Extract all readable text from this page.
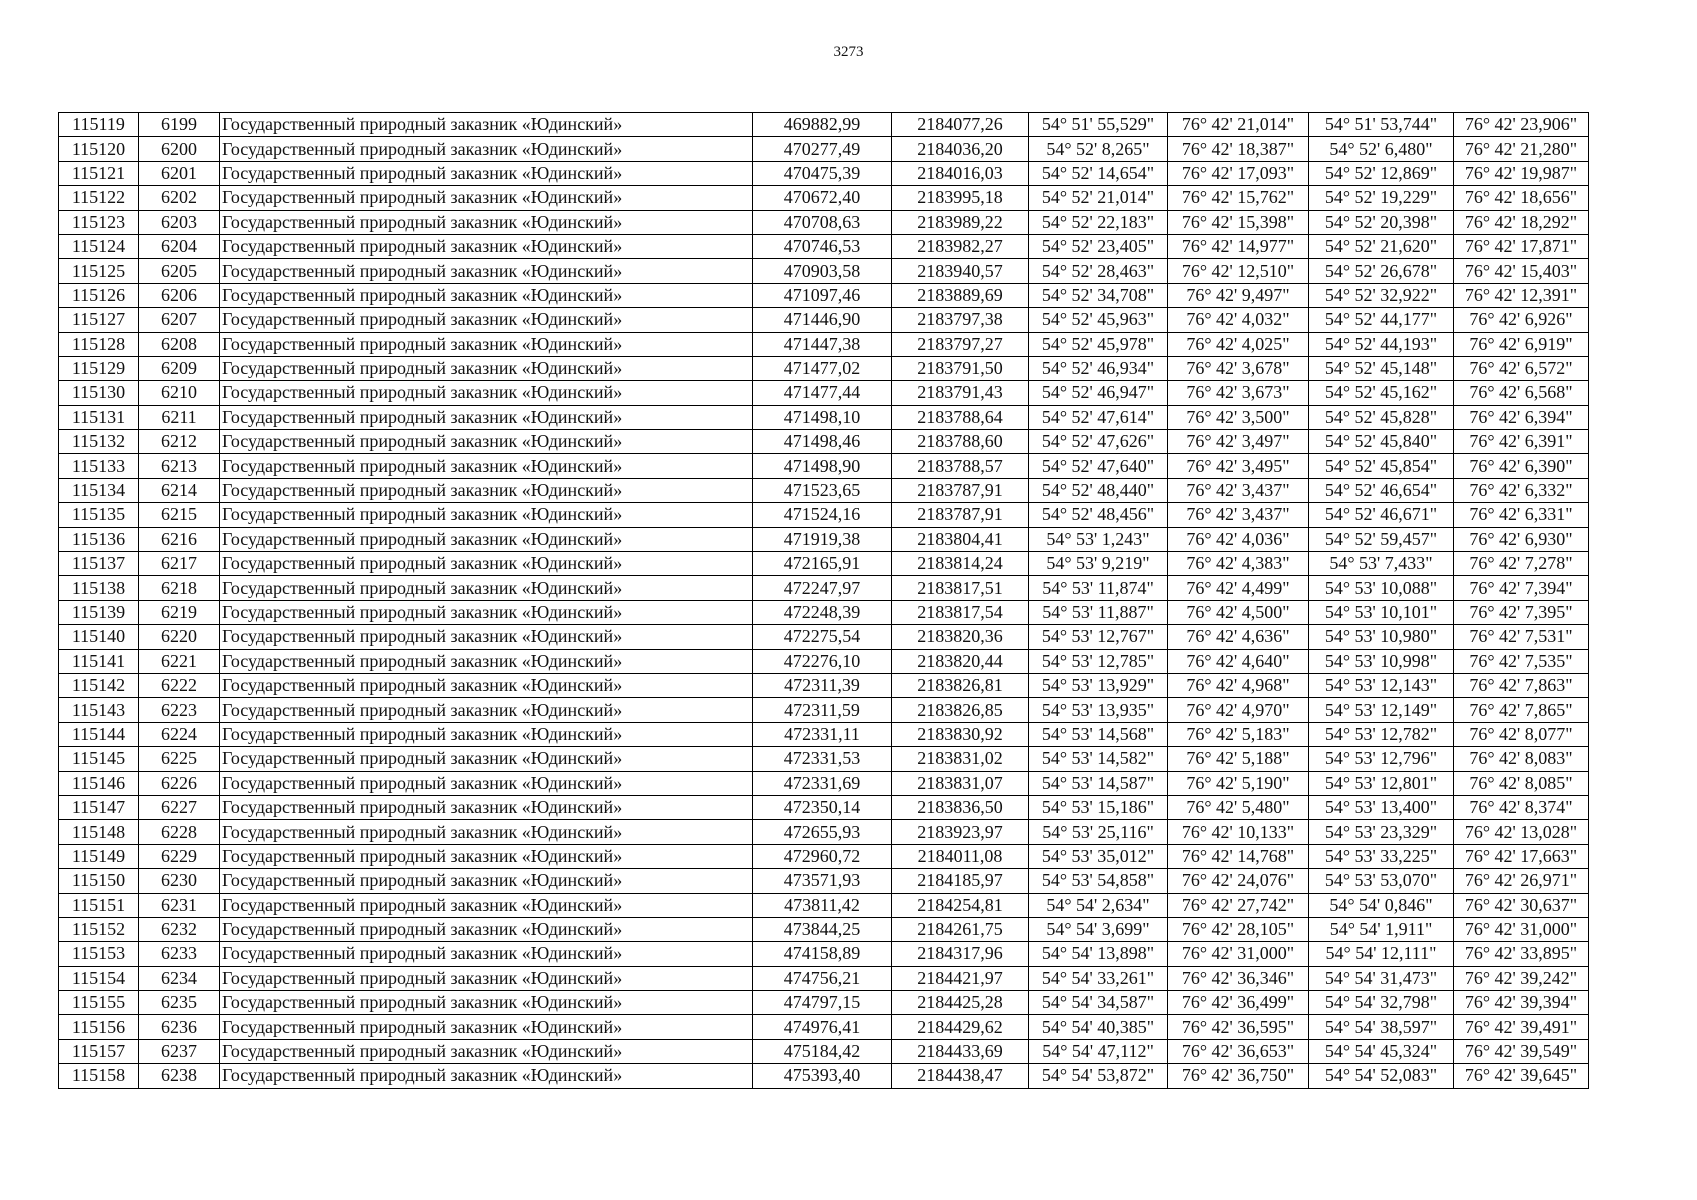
3273
115119	6199	Государственный природный заказник «Юдинский»	469882,99	2184077,26	54° 51' 55,529"	76° 42' 21,014"	54° 51' 53,744"	76° 42' 23,906"
115120	6200	Государственный природный заказник «Юдинский»	470277,49	2184036,20	54° 52' 8,265"	76° 42' 18,387"	54° 52' 6,480"	76° 42' 21,280"
115121	6201	Государственный природный заказник «Юдинский»	470475,39	2184016,03	54° 52' 14,654"	76° 42' 17,093"	54° 52' 12,869"	76° 42' 19,987"
115122	6202	Государственный природный заказник «Юдинский»	470672,40	2183995,18	54° 52' 21,014"	76° 42' 15,762"	54° 52' 19,229"	76° 42' 18,656"
115123	6203	Государственный природный заказник «Юдинский»	470708,63	2183989,22	54° 52' 22,183"	76° 42' 15,398"	54° 52' 20,398"	76° 42' 18,292"
115124	6204	Государственный природный заказник «Юдинский»	470746,53	2183982,27	54° 52' 23,405"	76° 42' 14,977"	54° 52' 21,620"	76° 42' 17,871"
115125	6205	Государственный природный заказник «Юдинский»	470903,58	2183940,57	54° 52' 28,463"	76° 42' 12,510"	54° 52' 26,678"	76° 42' 15,403"
115126	6206	Государственный природный заказник «Юдинский»	471097,46	2183889,69	54° 52' 34,708"	76° 42' 9,497"	54° 52' 32,922"	76° 42' 12,391"
115127	6207	Государственный природный заказник «Юдинский»	471446,90	2183797,38	54° 52' 45,963"	76° 42' 4,032"	54° 52' 44,177"	76° 42' 6,926"
115128	6208	Государственный природный заказник «Юдинский»	471447,38	2183797,27	54° 52' 45,978"	76° 42' 4,025"	54° 52' 44,193"	76° 42' 6,919"
115129	6209	Государственный природный заказник «Юдинский»	471477,02	2183791,50	54° 52' 46,934"	76° 42' 3,678"	54° 52' 45,148"	76° 42' 6,572"
115130	6210	Государственный природный заказник «Юдинский»	471477,44	2183791,43	54° 52' 46,947"	76° 42' 3,673"	54° 52' 45,162"	76° 42' 6,568"
115131	6211	Государственный природный заказник «Юдинский»	471498,10	2183788,64	54° 52' 47,614"	76° 42' 3,500"	54° 52' 45,828"	76° 42' 6,394"
115132	6212	Государственный природный заказник «Юдинский»	471498,46	2183788,60	54° 52' 47,626"	76° 42' 3,497"	54° 52' 45,840"	76° 42' 6,391"
115133	6213	Государственный природный заказник «Юдинский»	471498,90	2183788,57	54° 52' 47,640"	76° 42' 3,495"	54° 52' 45,854"	76° 42' 6,390"
115134	6214	Государственный природный заказник «Юдинский»	471523,65	2183787,91	54° 52' 48,440"	76° 42' 3,437"	54° 52' 46,654"	76° 42' 6,332"
115135	6215	Государственный природный заказник «Юдинский»	471524,16	2183787,91	54° 52' 48,456"	76° 42' 3,437"	54° 52' 46,671"	76° 42' 6,331"
115136	6216	Государственный природный заказник «Юдинский»	471919,38	2183804,41	54° 53' 1,243"	76° 42' 4,036"	54° 52' 59,457"	76° 42' 6,930"
115137	6217	Государственный природный заказник «Юдинский»	472165,91	2183814,24	54° 53' 9,219"	76° 42' 4,383"	54° 53' 7,433"	76° 42' 7,278"
115138	6218	Государственный природный заказник «Юдинский»	472247,97	2183817,51	54° 53' 11,874"	76° 42' 4,499"	54° 53' 10,088"	76° 42' 7,394"
115139	6219	Государственный природный заказник «Юдинский»	472248,39	2183817,54	54° 53' 11,887"	76° 42' 4,500"	54° 53' 10,101"	76° 42' 7,395"
115140	6220	Государственный природный заказник «Юдинский»	472275,54	2183820,36	54° 53' 12,767"	76° 42' 4,636"	54° 53' 10,980"	76° 42' 7,531"
115141	6221	Государственный природный заказник «Юдинский»	472276,10	2183820,44	54° 53' 12,785"	76° 42' 4,640"	54° 53' 10,998"	76° 42' 7,535"
115142	6222	Государственный природный заказник «Юдинский»	472311,39	2183826,81	54° 53' 13,929"	76° 42' 4,968"	54° 53' 12,143"	76° 42' 7,863"
115143	6223	Государственный природный заказник «Юдинский»	472311,59	2183826,85	54° 53' 13,935"	76° 42' 4,970"	54° 53' 12,149"	76° 42' 7,865"
115144	6224	Государственный природный заказник «Юдинский»	472331,11	2183830,92	54° 53' 14,568"	76° 42' 5,183"	54° 53' 12,782"	76° 42' 8,077"
115145	6225	Государственный природный заказник «Юдинский»	472331,53	2183831,02	54° 53' 14,582"	76° 42' 5,188"	54° 53' 12,796"	76° 42' 8,083"
115146	6226	Государственный природный заказник «Юдинский»	472331,69	2183831,07	54° 53' 14,587"	76° 42' 5,190"	54° 53' 12,801"	76° 42' 8,085"
115147	6227	Государственный природный заказник «Юдинский»	472350,14	2183836,50	54° 53' 15,186"	76° 42' 5,480"	54° 53' 13,400"	76° 42' 8,374"
115148	6228	Государственный природный заказник «Юдинский»	472655,93	2183923,97	54° 53' 25,116"	76° 42' 10,133"	54° 53' 23,329"	76° 42' 13,028"
115149	6229	Государственный природный заказник «Юдинский»	472960,72	2184011,08	54° 53' 35,012"	76° 42' 14,768"	54° 53' 33,225"	76° 42' 17,663"
115150	6230	Государственный природный заказник «Юдинский»	473571,93	2184185,97	54° 53' 54,858"	76° 42' 24,076"	54° 53' 53,070"	76° 42' 26,971"
115151	6231	Государственный природный заказник «Юдинский»	473811,42	2184254,81	54° 54' 2,634"	76° 42' 27,742"	54° 54' 0,846"	76° 42' 30,637"
115152	6232	Государственный природный заказник «Юдинский»	473844,25	2184261,75	54° 54' 3,699"	76° 42' 28,105"	54° 54' 1,911"	76° 42' 31,000"
115153	6233	Государственный природный заказник «Юдинский»	474158,89	2184317,96	54° 54' 13,898"	76° 42' 31,000"	54° 54' 12,111"	76° 42' 33,895"
115154	6234	Государственный природный заказник «Юдинский»	474756,21	2184421,97	54° 54' 33,261"	76° 42' 36,346"	54° 54' 31,473"	76° 42' 39,242"
115155	6235	Государственный природный заказник «Юдинский»	474797,15	2184425,28	54° 54' 34,587"	76° 42' 36,499"	54° 54' 32,798"	76° 42' 39,394"
115156	6236	Государственный природный заказник «Юдинский»	474976,41	2184429,62	54° 54' 40,385"	76° 42' 36,595"	54° 54' 38,597"	76° 42' 39,491"
115157	6237	Государственный природный заказник «Юдинский»	475184,42	2184433,69	54° 54' 47,112"	76° 42' 36,653"	54° 54' 45,324"	76° 42' 39,549"
115158	6238	Государственный природный заказник «Юдинский»	475393,40	2184438,47	54° 54' 53,872"	76° 42' 36,750"	54° 54' 52,083"	76° 42' 39,645"
